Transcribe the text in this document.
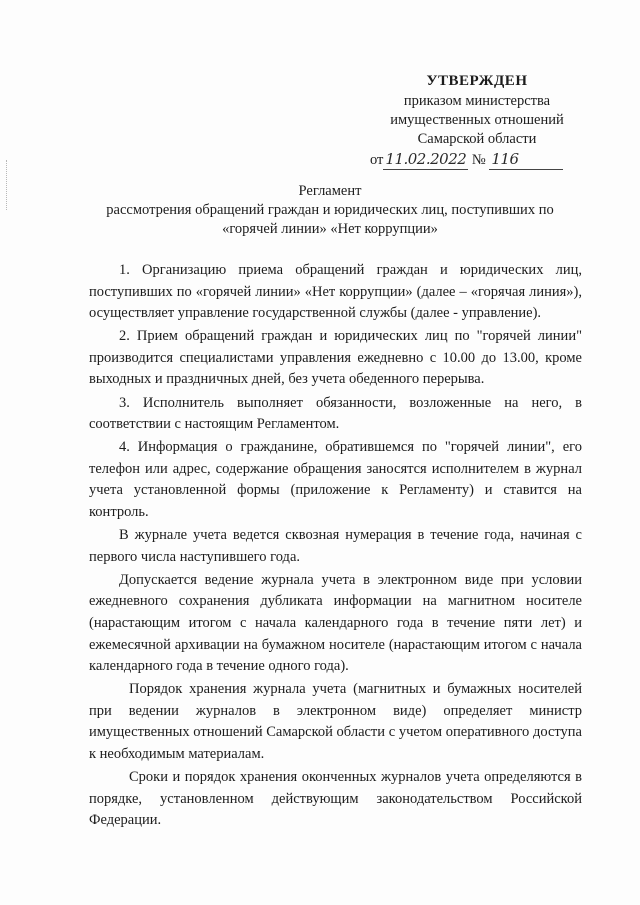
УТВЕРЖДЕН
приказом министерства
имущественных отношений
Самарской области
от 11.02.2022 № 116
Регламент
рассмотрения обращений граждан и юридических лиц, поступивших по
«горячей линии» «Нет коррупции»

1. Организацию приема обращений граждан и юридических лиц, поступивших по «горячей линии» «Нет коррупции» (далее – «горячая линия»), осуществляет управление государственной службы (далее - управление).

2. Прием обращений граждан и юридических лиц по "горячей линии" производится специалистами управления ежедневно с 10.00 до 13.00, кроме выходных и праздничных дней, без учета обеденного перерыва.

3. Исполнитель выполняет обязанности, возложенные на него, в соответствии с настоящим Регламентом.

4. Информация о гражданине, обратившемся по "горячей линии", его телефон или адрес, содержание обращения заносятся исполнителем в журнал учета установленной формы (приложение к Регламенту) и ставится на контроль.

В журнале учета ведется сквозная нумерация в течение года, начиная с первого числа наступившего года.

Допускается ведение журнала учета в электронном виде при условии ежедневного сохранения дубликата информации на магнитном носителе (нарастающим итогом с начала календарного года в течение пяти лет) и ежемесячной архивации на бумажном носителе (нарастающим итогом с начала календарного года в течение одного года).

Порядок хранения журнала учета (магнитных и бумажных носителей при ведении журналов в электронном виде) определяет министр имущественных отношений Самарской области с учетом оперативного доступа к необходимым материалам.

Сроки и порядок хранения оконченных журналов учета определяются в порядке, установленном действующим законодательством Российской Федерации.
